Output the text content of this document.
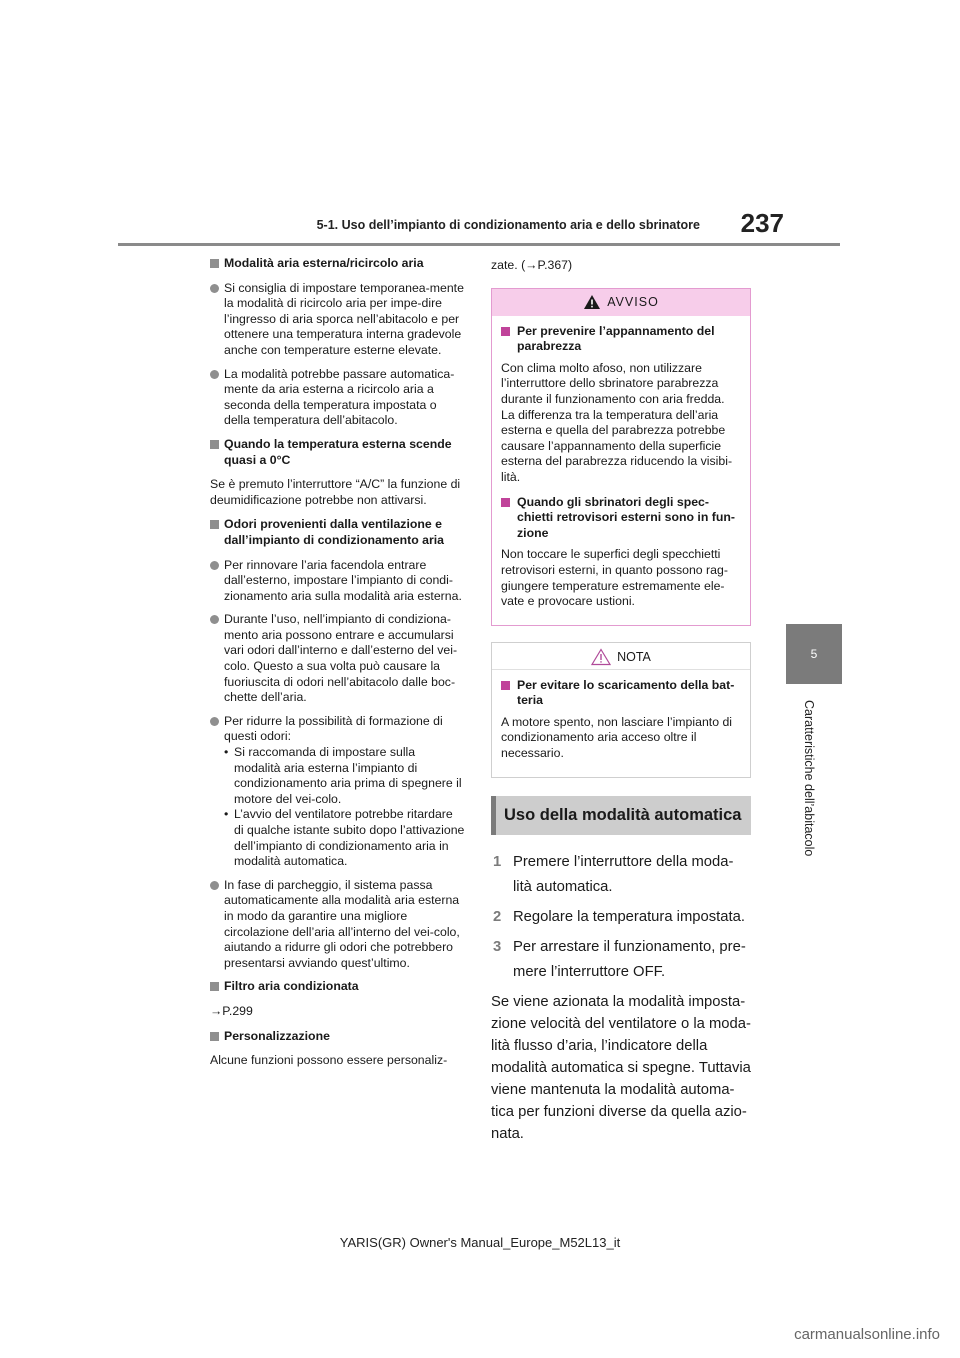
5-1. Uso dell’impianto di condizionamento aria e dello sbrinatore	237
5
Caratteristiche dell’abitacolo
Modalità aria esterna/ricircolo aria
Si consiglia di impostare temporanea-mente la modalità di ricircolo aria per impe-dire l’ingresso di aria sporca nell’abitacolo e per ottenere una temperatura interna gradevole anche con temperature esterne elevate.
La modalità potrebbe passare automatica-mente da aria esterna a ricircolo aria a seconda della temperatura impostata o della temperatura dell’abitacolo.
Quando la temperatura esterna scende quasi a 0°C
Se è premuto l’interruttore “A/C” la funzione di deumidificazione potrebbe non attivarsi.
Odori provenienti dalla ventilazione e dall’impianto di condizionamento aria
Per rinnovare l’aria facendola entrare dall’esterno, impostare l’impianto di condi-zionamento aria sulla modalità aria esterna.
Durante l’uso, nell’impianto di condiziona-mento aria possono entrare e accumularsi vari odori dall’interno e dall’esterno del vei-colo. Questo a sua volta può causare la fuoriuscita di odori nell’abitacolo dalle boc-chette dell’aria.
Per ridurre la possibilità di formazione di questi odori:
• Si raccomanda di impostare sulla modalità aria esterna l’impianto di condizionamento aria prima di spegnere il motore del vei-colo.
• L’avvio del ventilatore potrebbe ritardare di qualche istante subito dopo l’attivazione dell’impianto di condizionamento aria in modalità automatica.
In fase di parcheggio, il sistema passa automaticamente alla modalità aria esterna in modo da garantire una migliore circolazione dell’aria all’interno del vei-colo, aiutando a ridurre gli odori che potrebbero presentarsi avviando quest’ultimo.
Filtro aria condizionata
→P.299
Personalizzazione
Alcune funzioni possono essere personaliz-
zate. (→P.367)
AVVISO
Per prevenire l’appannamento del parabrezza
Con clima molto afoso, non utilizzare l’interruttore dello sbrinatore parabrezza durante il funzionamento con aria fredda. La differenza tra la temperatura dell’aria esterna e quella del parabrezza potrebbe causare l’appannamento della superficie esterna del parabrezza riducendo la visibi-lità.
Quando gli sbrinatori degli spec-chietti retrovisori esterni sono in fun-zione
Non toccare le superfici degli specchietti retrovisori esterni, in quanto possono rag-giungere temperature estremamente ele-vate e provocare ustioni.
NOTA
Per evitare lo scaricamento della bat-teria
A motore spento, non lasciare l’impianto di condizionamento aria acceso oltre il necessario.
Uso della modalità automatica
1 Premere l’interruttore della moda-lità automatica.
2 Regolare la temperatura impostata.
3 Per arrestare il funzionamento, pre-mere l’interruttore OFF.
Se viene azionata la modalità imposta-zione velocità del ventilatore o la moda-lità flusso d’aria, l’indicatore della modalità automatica si spegne. Tuttavia viene mantenuta la modalità automa-tica per funzioni diverse da quella azio-nata.
YARIS(GR) Owner's Manual_Europe_M52L13_it
carmanualsonline.info
